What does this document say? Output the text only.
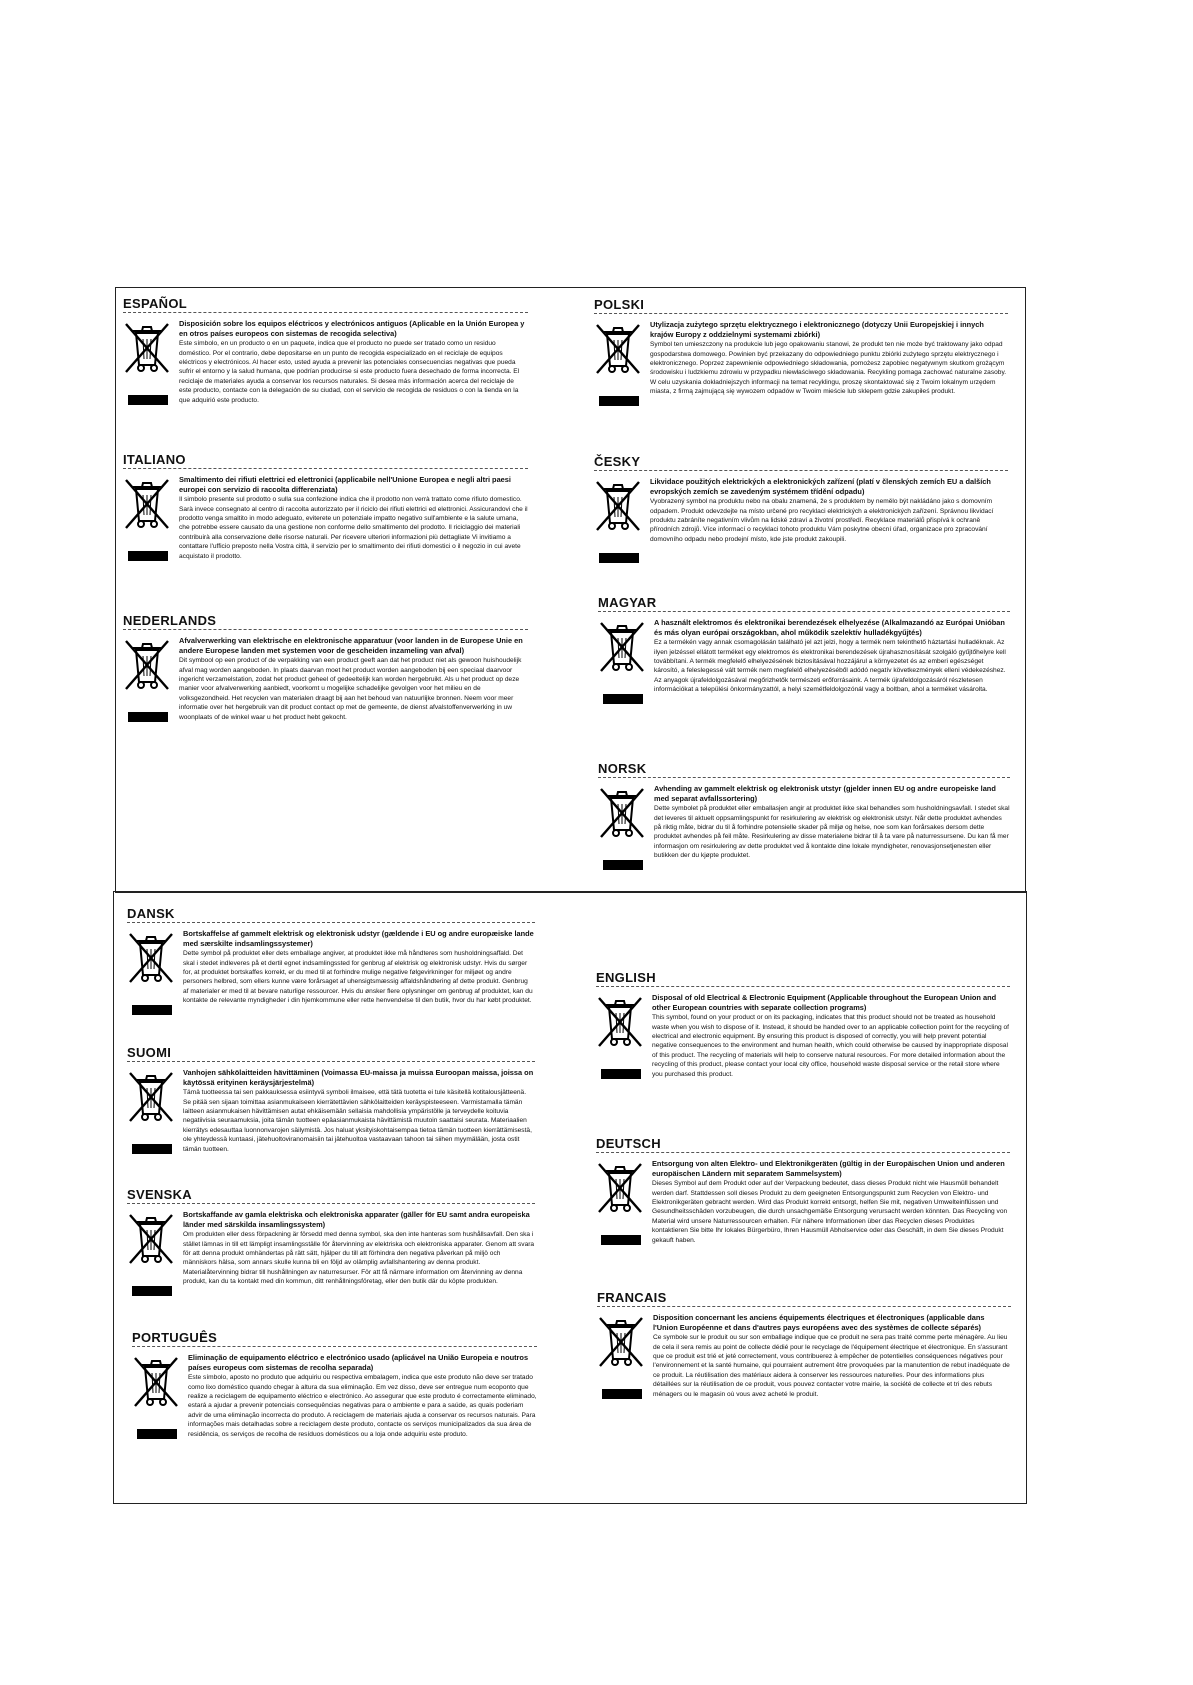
ESPAÑOL

Disposición sobre los equipos eléctricos y electrónicos antiguos (Aplicable en la Unión Europea y en otros países europeos con sistemas de recogida selectiva)

Este símbolo, en un producto o en un paquete, indica que el producto no puede ser tratado como un residuo doméstico. Por el contrario, debe depositarse en un punto de recogida especializado en el reciclaje de equipos eléctricos y electrónicos. Al hacer esto, usted ayuda a prevenir las potenciales consecuencias negativas que pueda sufrir el entorno y la salud humana, que podrían producirse si este producto fuera desechado de forma incorrecta. El reciclaje de materiales ayuda a conservar los recursos naturales. Si desea más información acerca del reciclaje de este producto, contacte con la delegación de su ciudad, con el servicio de recogida de residuos o con la tienda en la que adquirió este producto.

ITALIANO

Smaltimento dei rifiuti elettrici ed elettronici (applicabile nell'Unione Europea e negli altri paesi europei con servizio di raccolta differenziata)

Il simbolo presente sul prodotto o sulla sua confezione indica che il prodotto non verrà trattato come rifiuto domestico. Sarà invece consegnato al centro di raccolta autorizzato per il riciclo dei rifiuti elettrici ed elettronici. Assicurandovi che il prodotto venga smaltito in modo adeguato, eviterete un potenziale impatto negativo sull'ambiente e la salute umana, che potrebbe essere causato da una gestione non conforme dello smaltimento del prodotto. Il riciclaggio dei materiali contribuirà alla conservazione delle risorse naturali. Per ricevere ulteriori informazioni più dettagliate Vi invitiamo a contattare l'ufficio preposto nella Vostra città, il servizio per lo smaltimento dei rifiuti domestici o il negozio in cui avete acquistato il prodotto.

NEDERLANDS

Afvalverwerking van elektrische en elektronische apparatuur (voor landen in de Europese Unie en andere Europese landen met systemen voor de gescheiden inzameling van afval)

Dit symbool op een product of de verpakking van een product geeft aan dat het product niet als gewoon huishoudelijk afval mag worden aangeboden. In plaats daarvan moet het product worden aangeboden bij een speciaal daarvoor ingericht verzamelstation, zodat het product geheel of gedeeltelijk kan worden hergebruikt. Als u het product op deze manier voor afvalverwerking aanbiedt, voorkomt u mogelijke schadelijke gevolgen voor het milieu en de volksgezondheid. Het recyclen van materialen draagt bij aan het behoud van natuurlijke bronnen. Neem voor meer informatie over het hergebruik van dit product contact op met de gemeente, de dienst afvalstoffenverwerking in uw woonplaats of de winkel waar u het product hebt gekocht.

POLSKI

Utylizacja zużytego sprzętu elektrycznego i elektronicznego (dotyczy Unii Europejskiej i innych krajów Europy z oddzielnymi systemami zbiórki)

Symbol ten umieszczony na produkcie lub jego opakowaniu stanowi, że produkt ten nie może być traktowany jako odpad gospodarstwa domowego. Powinien być przekazany do odpowiedniego punktu zbiórki zużytego sprzętu elektrycznego i elektronicznego. Poprzez zapewnienie odpowiedniego składowania, pomożesz zapobiec negatywnym skutkom grożącym środowisku i ludzkiemu zdrowiu w przypadku niewłaściwego składowania. Recykling pomaga zachować naturalne zasoby. W celu uzyskania dokładniejszych informacji na temat recyklingu, proszę skontaktować się z Twoim lokalnym urzędem miasta, z firmą zajmującą się wywozem odpadów w Twoim mieście lub sklepem gdzie zakupiłeś produkt.

ČESKY

Likvidace použitých elektrických a elektronických zařízení (platí v členských zemích EU a dalších evropských zemích se zavedeným systémem třídění odpadu)

Vyobrazený symbol na produktu nebo na obalu znamená, že s produktem by nemělo být nakládáno jako s domovním odpadem. Produkt odevzdejte na místo určené pro recyklaci elektrických a elektronických zařízení. Správnou likvidací produktu zabráníte negativním vlivům na lidské zdraví a životní prostředí. Recyklace materiálů přispívá k ochraně přírodních zdrojů. Více informací o recyklaci tohoto produktu Vám poskytne obecní úřad, organizace pro zpracování domovního odpadu nebo prodejní místo, kde jste produkt zakoupili.

MAGYAR

A használt elektromos és elektronikai berendezések elhelyezése (Alkalmazandó az Európai Unióban és más olyan európai országokban, ahol működik szelektív hulladékgyűjtés)

Ez a termékén vagy annak csomagolásán található jel azt jelzi, hogy a termék nem tekinthető háztartási hulladéknak. Az ilyen jelzéssel ellátott terméket egy elektromos és elektronikai berendezések újrahasznosítását szolgáló gyűjtőhelyre kell továbbítani. A termék megfelelő elhelyezésének biztosításával hozzájárul a környezetet és az emberi egészséget károsító, a feleslegessé vált termék nem megfelelő elhelyezéséből adódó negatív következmények elleni védekezéshez. Az anyagok újrafeldolgozásával megőrizhetők természeti erőforrásaink. A termék újrafeldolgozásáról részletesen információkat a települési önkormányzattól, a helyi szemétfeldolgozónál vagy a boltban, ahol a terméket vásárolta.

NORSK

Avhending av gammelt elektrisk og elektronisk utstyr (gjelder innen EU og andre europeiske land med separat avfallssortering)

Dette symbolet på produktet eller emballasjen angir at produktet ikke skal behandles som husholdningsavfall. I stedet skal det leveres til aktuelt oppsamlingspunkt for resirkulering av elektrisk og elektronisk utstyr. Når dette produktet avhendes på riktig måte, bidrar du til å forhindre potensielle skader på miljø og helse, noe som kan forårsakes dersom dette produktet avhendes på feil måte. Resirkulering av disse materialene bidrar til å ta vare på naturressursene. Du kan få mer informasjon om resirkulering av dette produktet ved å kontakte dine lokale myndigheter, renovasjonsetjenesten eller butikken der du kjøpte produktet.

DANSK

Bortskaffelse af gammelt elektrisk og elektronisk udstyr (gældende i EU og andre europæiske lande med særskilte indsamlingssystemer)

Dette symbol på produktet eller dets emballage angiver, at produktet ikke må håndteres som husholdningsaffald. Det skal i stedet indleveres på et dertil egnet indsamlingssted for genbrug af elektrisk og elektronisk udstyr. Hvis du sørger for, at produktet bortskaffes korrekt, er du med til at forhindre mulige negative følgevirkninger for miljøet og andre personers helbred, som ellers kunne være forårsaget af uhensigtsmæssig affaldshåndtering af dette produkt. Genbrug af materialer er med til at bevare naturlige ressourcer. Hvis du ønsker flere oplysninger om genbrug af produktet, kan du kontakte de relevante myndigheder i din hjemkommune eller rette henvendelse til den butik, hvor du har købt produktet.

SUOMI

Vanhojen sähkölaitteiden hävittäminen (Voimassa EU-maissa ja muissa Euroopan maissa, joissa on käytössä erityinen keräysjärjestelmä)

Tämä tuotteessa tai sen pakkauksessa esiintyvä symboli ilmaisee, että tätä tuotetta ei tule käsitellä kotitalousjätteenä. Se pitää sen sijaan toimittaa asianmukaiseen kierrätettävien sähkölaitteiden keräyspisteeseen. Varmistamalla tämän laitteen asianmukaisen hävittämisen autat ehkäisemään sellaisia mahdollisia ympäristölle ja terveydelle koituvia negatiivisia seuraamuksia, joita tämän tuotteen epäasianmukaista hävittämistä muutoin saattaisi seurata. Materiaalien kierrätys edesauttaa luonnonvarojen säilymistä. Jos haluat yksityiskohtaisempaa tietoa tämän tuotteen kierrättämisestä, ole yhteydessä kuntaasi, jätehuoltoviranomaisiin tai jätehuoltoa vastaavaan tahoon tai siihen myymälään, josta ostit tämän tuotteen.

SVENSKA

Bortskaffande av gamla elektriska och elektroniska apparater (gäller för EU samt andra europeiska länder med särskilda insamlingssystem)

Om produkten eller dess förpackning är försedd med denna symbol, ska den inte hanteras som hushållsavfall. Den ska i stället lämnas in till ett lämpligt insamlingsställe för återvinning av elektriska och elektroniska apparater. Genom att svara för att denna produkt omhändertas på rätt sätt, hjälper du till att förhindra den negativa påverkan på miljö och människors hälsa, som annars skulle kunna bli en följd av olämplig avfallshantering av denna produkt. Materialåtervinning bidrar till hushållningen av naturresurser. För att få närmare information om återvinning av denna produkt, kan du ta kontakt med din kommun, ditt renhållningsföretag, eller den butik där du köpte produkten.

PORTUGUÊS

Eliminação de equipamento eléctrico e electrónico usado (aplicável na União Europeia e noutros países europeus com sistemas de recolha separada)

Este símbolo, aposto no produto que adquiriu ou respectiva embalagem, indica que este produto não deve ser tratado como lixo doméstico quando chegar à altura da sua eliminação. Em vez disso, deve ser entregue num ecoponto que realize a reciclagem de equipamento eléctrico e electrónico. Ao assegurar que este produto é correctamente eliminado, estará a ajudar a prevenir potenciais consequências negativas para o ambiente e para a saúde, as quais poderiam advir de uma eliminação incorrecta do produto. A reciclagem de materiais ajuda a conservar os recursos naturais. Para informações mais detalhadas sobre a reciclagem deste produto, contacte os serviços municipalizados da sua área de residência, os serviços de recolha de resíduos domésticos ou a loja onde adquiriu este produto.

ENGLISH

Disposal of old Electrical & Electronic Equipment (Applicable throughout the European Union and other European countries with separate collection programs)

This symbol, found on your product or on its packaging, indicates that this product should not be treated as household waste when you wish to dispose of it. Instead, it should be handed over to an applicable collection point for the recycling of electrical and electronic equipment. By ensuring this product is disposed of correctly, you will help prevent potential negative consequences to the environment and human health, which could otherwise be caused by inappropriate disposal of this product. The recycling of materials will help to conserve natural resources. For more detailed information about the recycling of this product, please contact your local city office, household waste disposal service or the retail store where you purchased this product.

DEUTSCH

Entsorgung von alten Elektro- und Elektronikgeräten (gültig in der Europäischen Union und anderen europäischen Ländern mit separatem Sammelsystem)

Dieses Symbol auf dem Produkt oder auf der Verpackung bedeutet, dass dieses Produkt nicht wie Hausmüll behandelt werden darf. Stattdessen soll dieses Produkt zu dem geeigneten Entsorgungspunkt zum Recyclen von Elektro- und Elektronikgeräten gebracht werden. Wird das Produkt korrekt entsorgt, helfen Sie mit, negativen Umwelteinflüssen und Gesundheitsschäden vorzubeugen, die durch unsachgemäße Entsorgung verursacht werden könnten. Das Recycling von Material wird unsere Naturressourcen erhalten. Für nähere Informationen über das Recyclen dieses Produktes kontaktieren Sie bitte Ihr lokales Bürgerbüro, Ihren Hausmüll Abholservice oder das Geschäft, in dem Sie dieses Produkt gekauft haben.

FRANCAIS

Disposition concernant les anciens équipements électriques et électroniques (applicable dans l'Union Européenne et dans d'autres pays européens avec des systèmes de collecte séparés)

Ce symbole sur le produit ou sur son emballage indique que ce produit ne sera pas traité comme perte ménagère. Au lieu de cela il sera remis au point de collecte dédié pour le recyclage de l'équipement électrique et électronique. En s'assurant que ce produit est trié et jeté correctement, vous contribuerez à empêcher de potentielles conséquences négatives pour l'environnement et la santé humaine, qui pourraient autrement être provoquées par la manutention de rebut inadéquate de ce produit. La réutilisation des matériaux aidera à conserver les ressources naturelles. Pour des informations plus détaillées sur la réutilisation de ce produit, vous pouvez contacter votre mairie, la société de collecte et tri des rebuts ménagers ou le magasin où vous avez acheté le produit.
